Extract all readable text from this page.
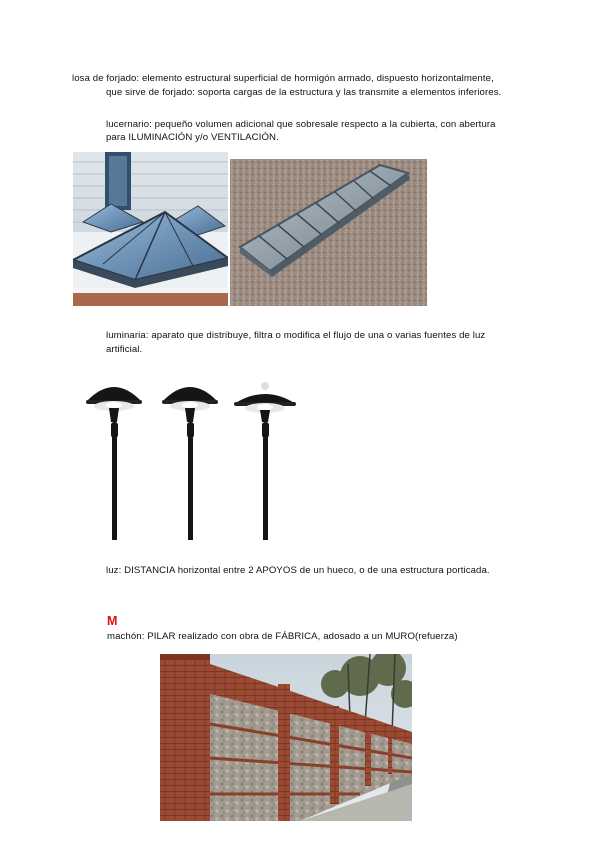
losa de forjado: elemento estructural superficial de hormigón armado, dispuesto horizontalmente,
que sirve de forjado: soporta cargas de la estructura y las transmite a elementos inferiores.
lucernario: pequeño volumen adicional que sobresale respecto a la cubierta, con abertura
para ILUMINACIÓN y/o VENTILACIÓN.
luminaria: aparato que distribuye, filtra o modifica el flujo de una o varias fuentes de luz
artificial.
luz: DISTANCIA horizontal entre 2 APOYOS de un hueco, o de una estructura porticada.
M
machón: PILAR realizado con obra de FÁBRICA, adosado a un MURO(refuerza)
